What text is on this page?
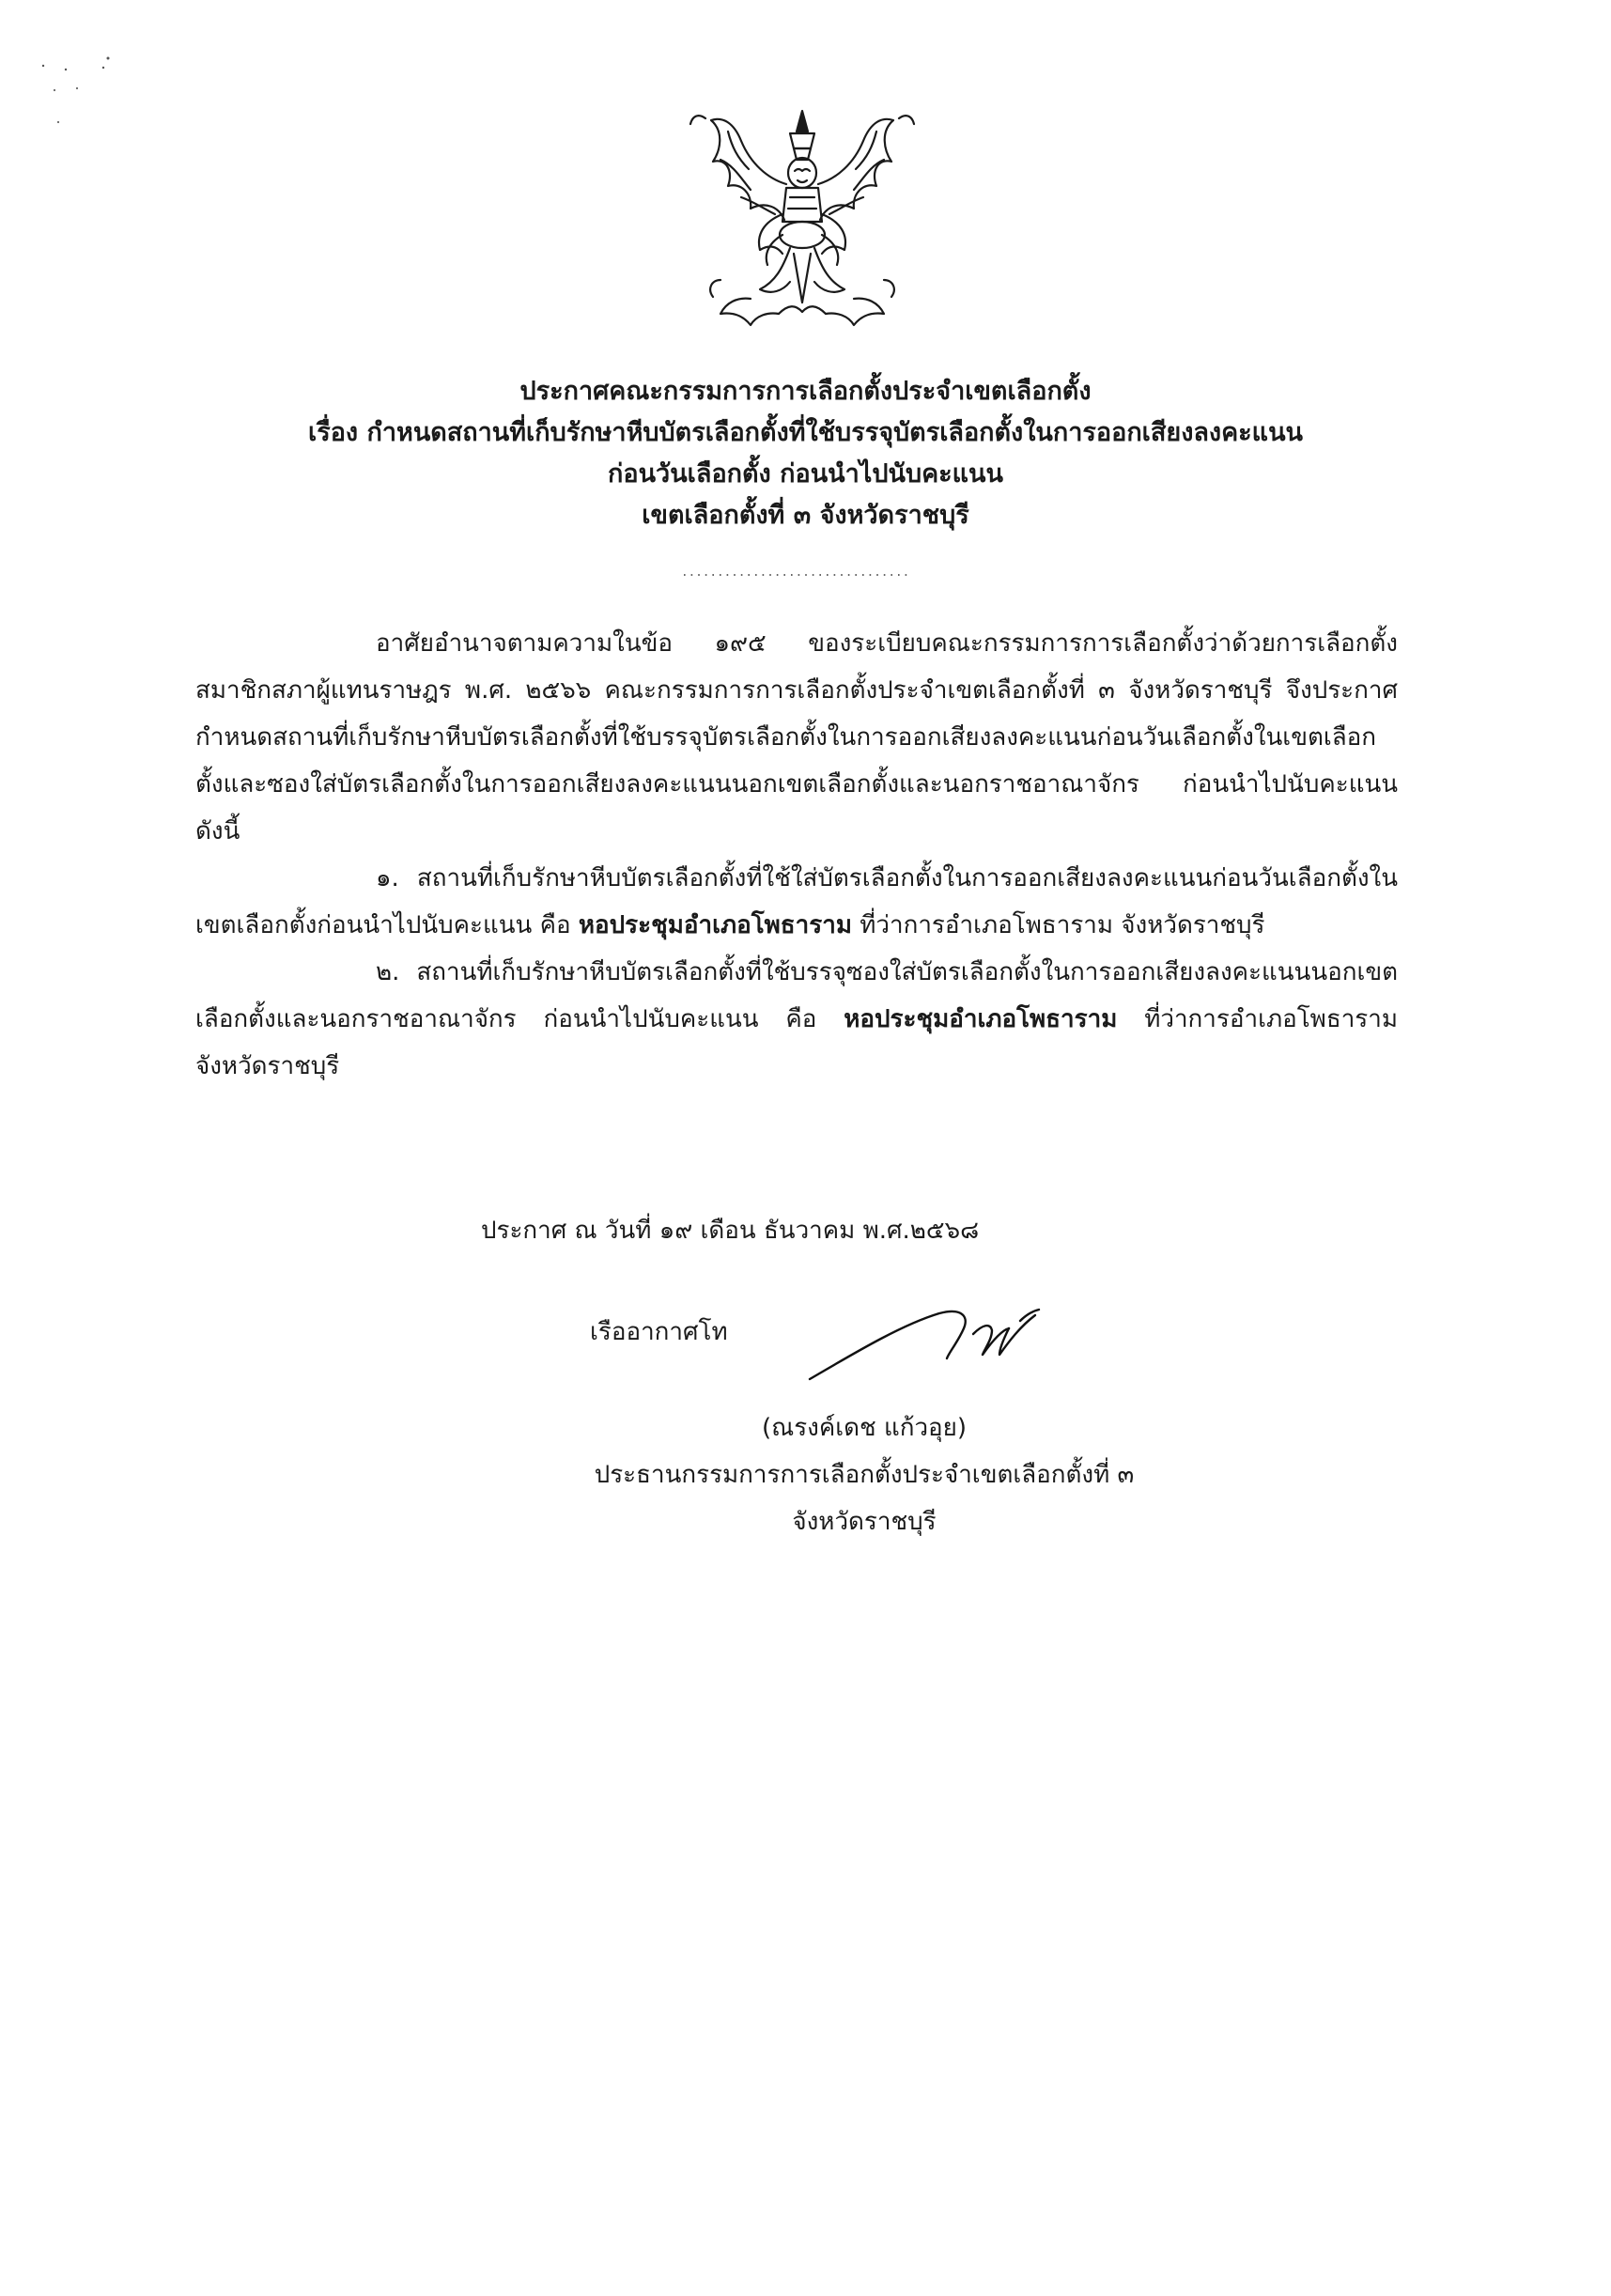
ประกาศคณะกรรมการการเลือกตั้งประจำเขตเลือกตั้ง
เรื่อง กำหนดสถานที่เก็บรักษาหีบบัตรเลือกตั้งที่ใช้บรรจุบัตรเลือกตั้งในการออกเสียงลงคะแนน
ก่อนวันเลือกตั้ง ก่อนนำไปนับคะแนน
เขตเลือกตั้งที่ ๓ จังหวัดราชบุรี

อาศัยอำนาจตามความในข้อ ๑๙๕ ของระเบียบคณะกรรมการการเลือกตั้งว่าด้วยการเลือกตั้งสมาชิกสภาผู้แทนราษฎร พ.ศ. ๒๕๖๖ คณะกรรมการการเลือกตั้งประจำเขตเลือกตั้งที่ ๓ จังหวัดราชบุรี จึงประกาศกำหนดสถานที่เก็บรักษาหีบบัตรเลือกตั้งที่ใช้บรรจุบัตรเลือกตั้งในการออกเสียงลงคะแนนก่อนวันเลือกตั้งในเขตเลือกตั้งและซองใส่บัตรเลือกตั้งในการออกเสียงลงคะแนนนอกเขตเลือกตั้งและนอกราชอาณาจักร ก่อนนำไปนับคะแนน ดังนี้

๑. สถานที่เก็บรักษาหีบบัตรเลือกตั้งที่ใช้ใส่บัตรเลือกตั้งในการออกเสียงลงคะแนนก่อนวันเลือกตั้งในเขตเลือกตั้งก่อนนำไปนับคะแนน คือ หอประชุมอำเภอโพธาราม ที่ว่าการอำเภอโพธาราม จังหวัดราชบุรี

๒. สถานที่เก็บรักษาหีบบัตรเลือกตั้งที่ใช้บรรจุซองใส่บัตรเลือกตั้งในการออกเสียงลงคะแนนนอกเขตเลือกตั้งและนอกราชอาณาจักร ก่อนนำไปนับคะแนน คือ หอประชุมอำเภอโพธาราม ที่ว่าการอำเภอโพธาราม จังหวัดราชบุรี

ประกาศ ณ วันที่ ๑๙ เดือน ธันวาคม พ.ศ.๒๕๖๘
เรืออากาศโท
(ณรงค์เดช แก้วอุย)
ประธานกรรมการการเลือกตั้งประจำเขตเลือกตั้งที่ ๓
จังหวัดราชบุรี
